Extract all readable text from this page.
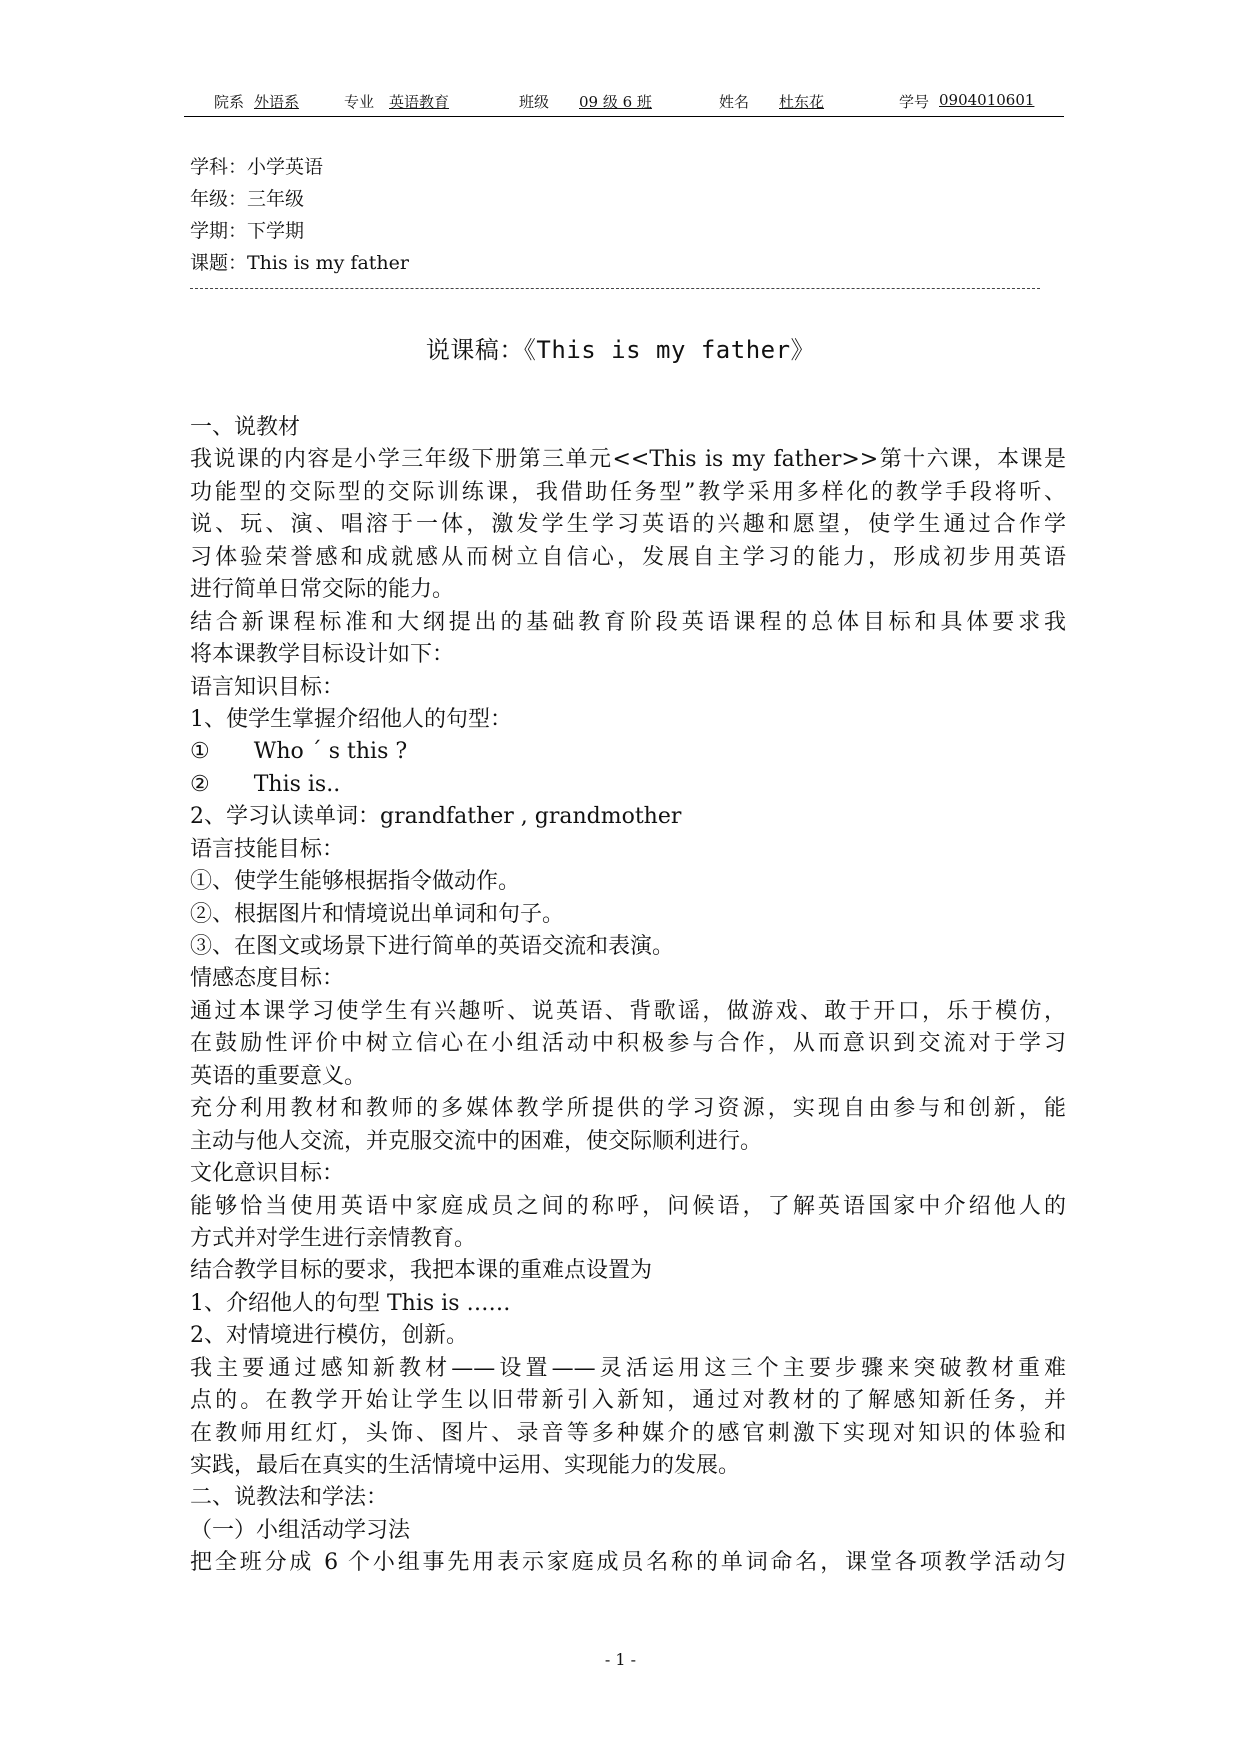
院系 外语系	专业 英语教育	班级 09 级 6 班	姓名 杜东花	学号 0904010601
学科：小学英语
年级：三年级
学期：下学期
课题：This is my father
说课稿：《This is my father》
一、说教材
我说课的内容是小学三年级下册第三单元<<This is my father>>第十六课，本课是
功能型的交际型的交际训练课，我借助任务型”教学采用多样化的教学手段将听、
说、玩、演、唱溶于一体，激发学生学习英语的兴趣和愿望，使学生通过合作学
习体验荣誉感和成就感从而树立自信心，发展自主学习的能力，形成初步用英语
进行简单日常交际的能力。
结合新课程标准和大纲提出的基础教育阶段英语课程的总体目标和具体要求我
将本课教学目标设计如下：
语言知识目标：
1、使学生掌握介绍他人的句型：
①　　Who ´ s this ?
②　　This is..
2、学习认读单词：grandfather , grandmother
语言技能目标：
①、使学生能够根据指令做动作。
②、根据图片和情境说出单词和句子。
③、在图文或场景下进行简单的英语交流和表演。
情感态度目标：
通过本课学习使学生有兴趣听、说英语、背歌谣，做游戏、敢于开口，乐于模仿，
在鼓励性评价中树立信心在小组活动中积极参与合作，从而意识到交流对于学习
英语的重要意义。
充分利用教材和教师的多媒体教学所提供的学习资源，实现自由参与和创新，能
主动与他人交流，并克服交流中的困难，使交际顺利进行。
文化意识目标：
能够恰当使用英语中家庭成员之间的称呼，问候语，了解英语国家中介绍他人的
方式并对学生进行亲情教育。
结合教学目标的要求，我把本课的重难点设置为
1、介绍他人的句型 This is ……
2、对情境进行模仿，创新。
我主要通过感知新教材——设置——灵活运用这三个主要步骤来突破教材重难
点的。在教学开始让学生以旧带新引入新知，通过对教材的了解感知新任务，并
在教师用红灯，头饰、图片、录音等多种媒介的感官刺激下实现对知识的体验和
实践，最后在真实的生活情境中运用、实现能力的发展。
二、说教法和学法：
（一）小组活动学习法
把全班分成 6 个小组事先用表示家庭成员名称的单词命名，课堂各项教学活动匀
- 1 -
